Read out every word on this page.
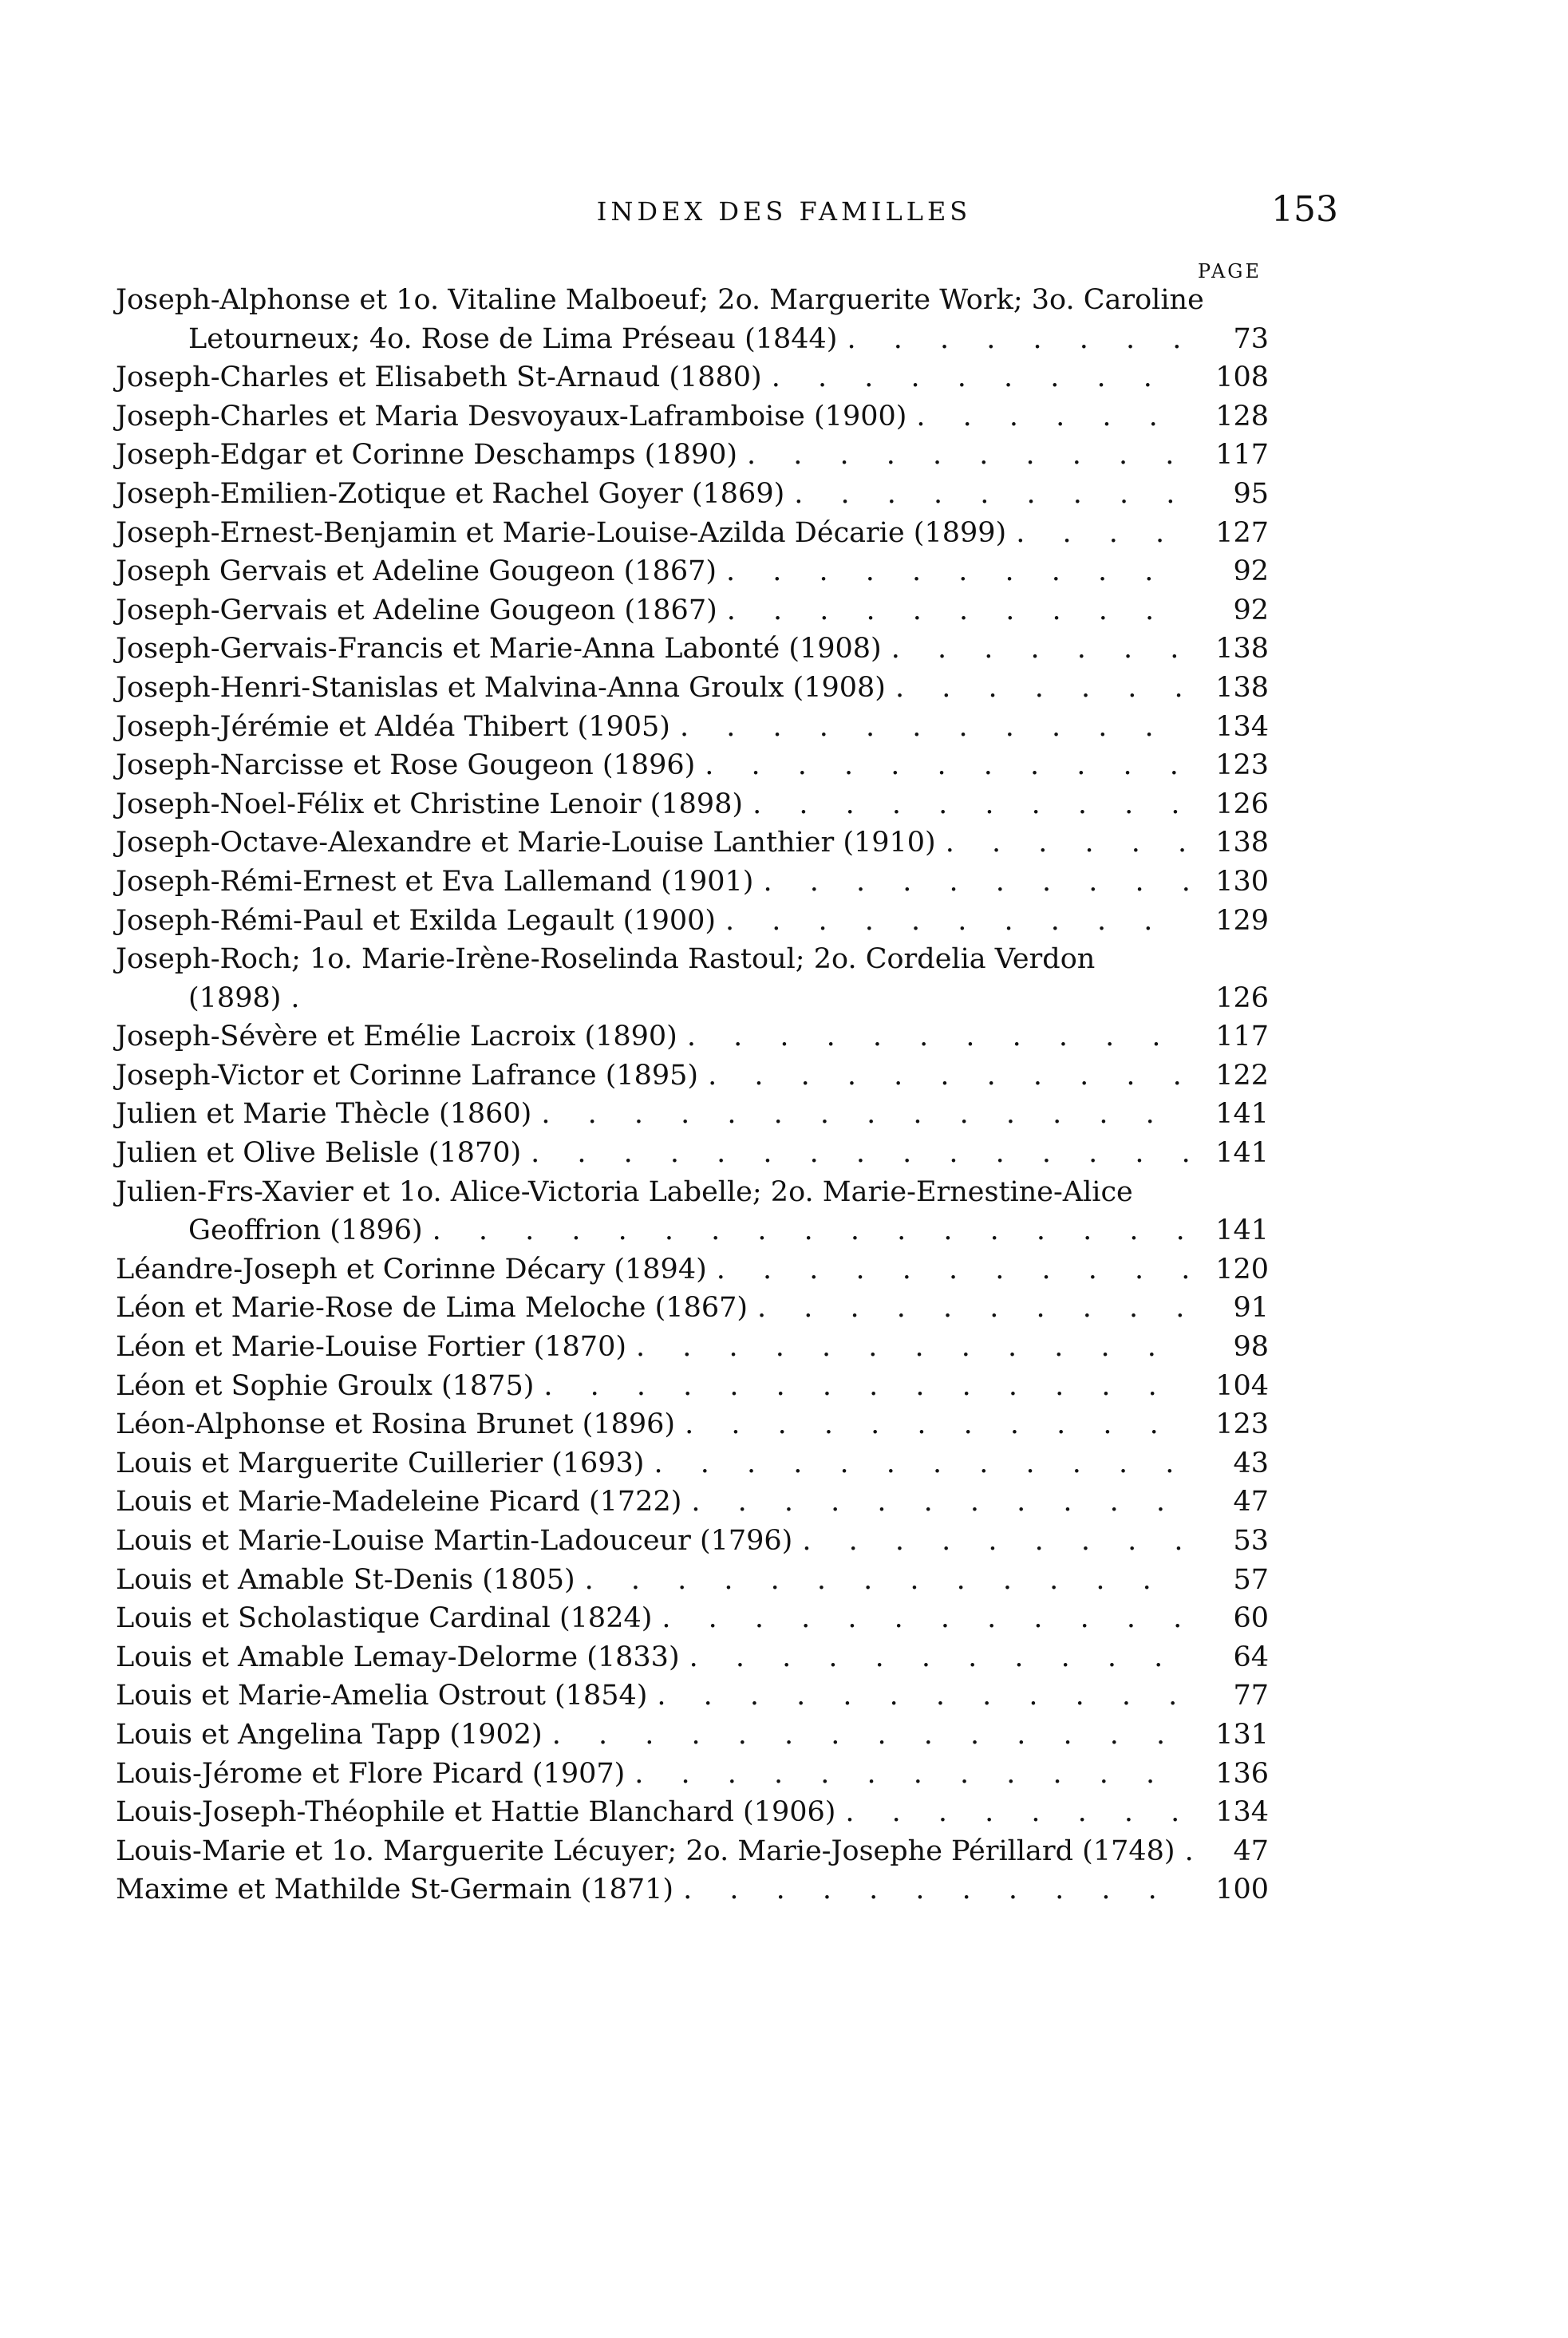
INDEX DES FAMILLES	153
PAGE
Joseph-Alphonse et 1o. Vitaline Malboeuf; 2o. Marguerite Work; 3o. Caroline Letourneux; 4o. Rose de Lima Préseau (1844) . . . . . . . .	73
Joseph-Charles et Elisabeth St-Arnaud (1880) . . . . . . . . .	108
Joseph-Charles et Maria Desvoyaux-Laframboise (1900) . . . . . .	128
Joseph-Edgar et Corinne Deschamps (1890) . . . . . . . . . . 117
Joseph-Emilien-Zotique et Rachel Goyer (1869) . . . . . . . . .	95
Joseph-Ernest-Benjamin et Marie-Louise-Azilda Décarie (1899) . . . .	127
Joseph Gervais et Adeline Gougeon (1867) . . . . . . . . . .	92
Joseph-Gervais et Adeline Gougeon (1867) . . . . . . . . . .	92
Joseph-Gervais-Francis et Marie-Anna Labonté (1908) . . . . . . . 138
Joseph-Henri-Stanislas et Malvina-Anna Groulx (1908) . . . . . . . 138
Joseph-Jérémie et Aldéa Thibert (1905) . . . . . . . . . . .	134
Joseph-Narcisse et Rose Gougeon (1896) . . . . . . . . . . . 123
Joseph-Noel-Félix et Christine Lenoir (1898) . . . . . . . . . . 126
Joseph-Octave-Alexandre et Marie-Louise Lanthier (1910) . . . . . . 138
Joseph-Rémi-Ernest et Eva Lallemand (1901) . . . . . . . . . . 130
Joseph-Rémi-Paul et Exilda Legault (1900) . . . . . . . . . .	129
Joseph-Roch; 1o. Marie-Irène-Roselinda Rastoul; 2o. Cordelia Verdon (1898) .	126
Joseph-Sévère et Emélie Lacroix (1890) . . . . . . . . . . .	117
Joseph-Victor et Corinne Lafrance (1895) . . . . . . . . . . . 122
Julien et Marie Thècle (1860) . . . . . . . . . . . . . .	141
Julien et Olive Belisle (1870) . . . . . . . . . . . . . . . 141
Julien-Frs-Xavier et 1o. Alice-Victoria Labelle; 2o. Marie-Ernestine-Alice Geoffrion (1896) . . . . . . . . . . . . . . . . . 141
Léandre-Joseph et Corinne Décary (1894) . . . . . . . . . . . 120
Léon et Marie-Rose de Lima Meloche (1867) . . . . . . . . . .	91
Léon et Marie-Louise Fortier (1870) . . . . . . . . . . . .	98
Léon et Sophie Groulx (1875) . . . . . . . . . . . . . .	104
Léon-Alphonse et Rosina Brunet (1896) . . . . . . . . . . .	123
Louis et Marguerite Cuillerier (1693) . . . . . . . . . . . .	43
Louis et Marie-Madeleine Picard (1722) . . . . . . . . . . .	47
Louis et Marie-Louise Martin-Ladouceur (1796) . . . . . . . . .	53
Louis et Amable St-Denis (1805) . . . . . . . . . . . . .	57
Louis et Scholastique Cardinal (1824) . . . . . . . . . . . .	60
Louis et Amable Lemay-Delorme (1833) . . . . . . . . . . .	64
Louis et Marie-Amelia Ostrout (1854) . . . . . . . . . . . .	77
Louis et Angelina Tapp (1902) . . . . . . . . . . . . . .	131
Louis-Jérome et Flore Picard (1907) . . . . . . . . . . . .	136
Louis-Joseph-Théophile et Hattie Blanchard (1906) . . . . . . . . 134
Louis-Marie et 1o. Marguerite Lécuyer; 2o. Marie-Josephe Périllard (1748) . 47
Maxime et Mathilde St-Germain (1871) . . . . . . . . . . .	100
